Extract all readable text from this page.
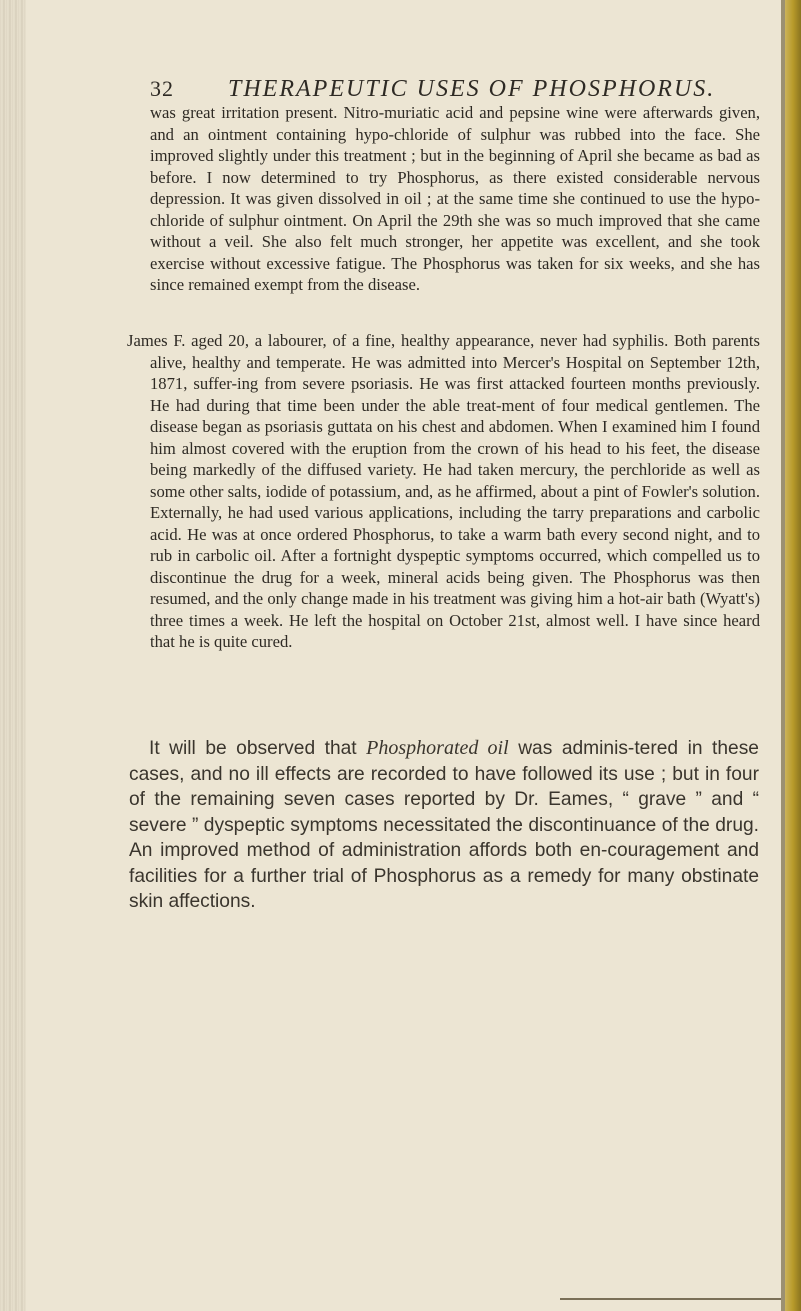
32 THERAPEUTIC USES OF PHOSPHORUS.

was great irritation present. Nitro-muriatic acid and pepsine wine were afterwards given, and an ointment containing hypo-chloride of sulphur was rubbed into the face. She improved slightly under this treatment ; but in the beginning of April she became as bad as before. I now determined to try Phosphorus, as there existed considerable nervous depression. It was given dissolved in oil ; at the same time she continued to use the hypo-chloride of sulphur ointment. On April the 29th she was so much improved that she came without a veil. She also felt much stronger, her appetite was excellent, and she took exercise without excessive fatigue. The Phosphorus was taken for six weeks, and she has since remained exempt from the disease.

James F. aged 20, a labourer, of a fine, healthy appearance, never had syphilis. Both parents alive, healthy and temperate. He was admitted into Mercer's Hospital on September 12th, 1871, suffer-ing from severe psoriasis. He was first attacked fourteen months previously. He had during that time been under the able treat-ment of four medical gentlemen. The disease began as psoriasis guttata on his chest and abdomen. When I examined him I found him almost covered with the eruption from the crown of his head to his feet, the disease being markedly of the diffused variety. He had taken mercury, the perchloride as well as some other salts, iodide of potassium, and, as he affirmed, about a pint of Fowler's solution. Externally, he had used various applications, including the tarry preparations and carbolic acid. He was at once ordered Phosphorus, to take a warm bath every second night, and to rub in carbolic oil. After a fortnight dyspeptic symptoms occurred, which compelled us to discontinue the drug for a week, mineral acids being given. The Phosphorus was then resumed, and the only change made in his treatment was giving him a hot-air bath (Wyatt's) three times a week. He left the hospital on October 21st, almost well. I have since heard that he is quite cured.

It will be observed that Phosphorated oil was adminis-tered in these cases, and no ill effects are recorded to have followed its use ; but in four of the remaining seven cases reported by Dr. Eames, “ grave ” and “ severe ” dyspeptic symptoms necessitated the discontinuance of the drug. An improved method of administration affords both en-couragement and facilities for a further trial of Phosphorus as a remedy for many obstinate skin affections.
